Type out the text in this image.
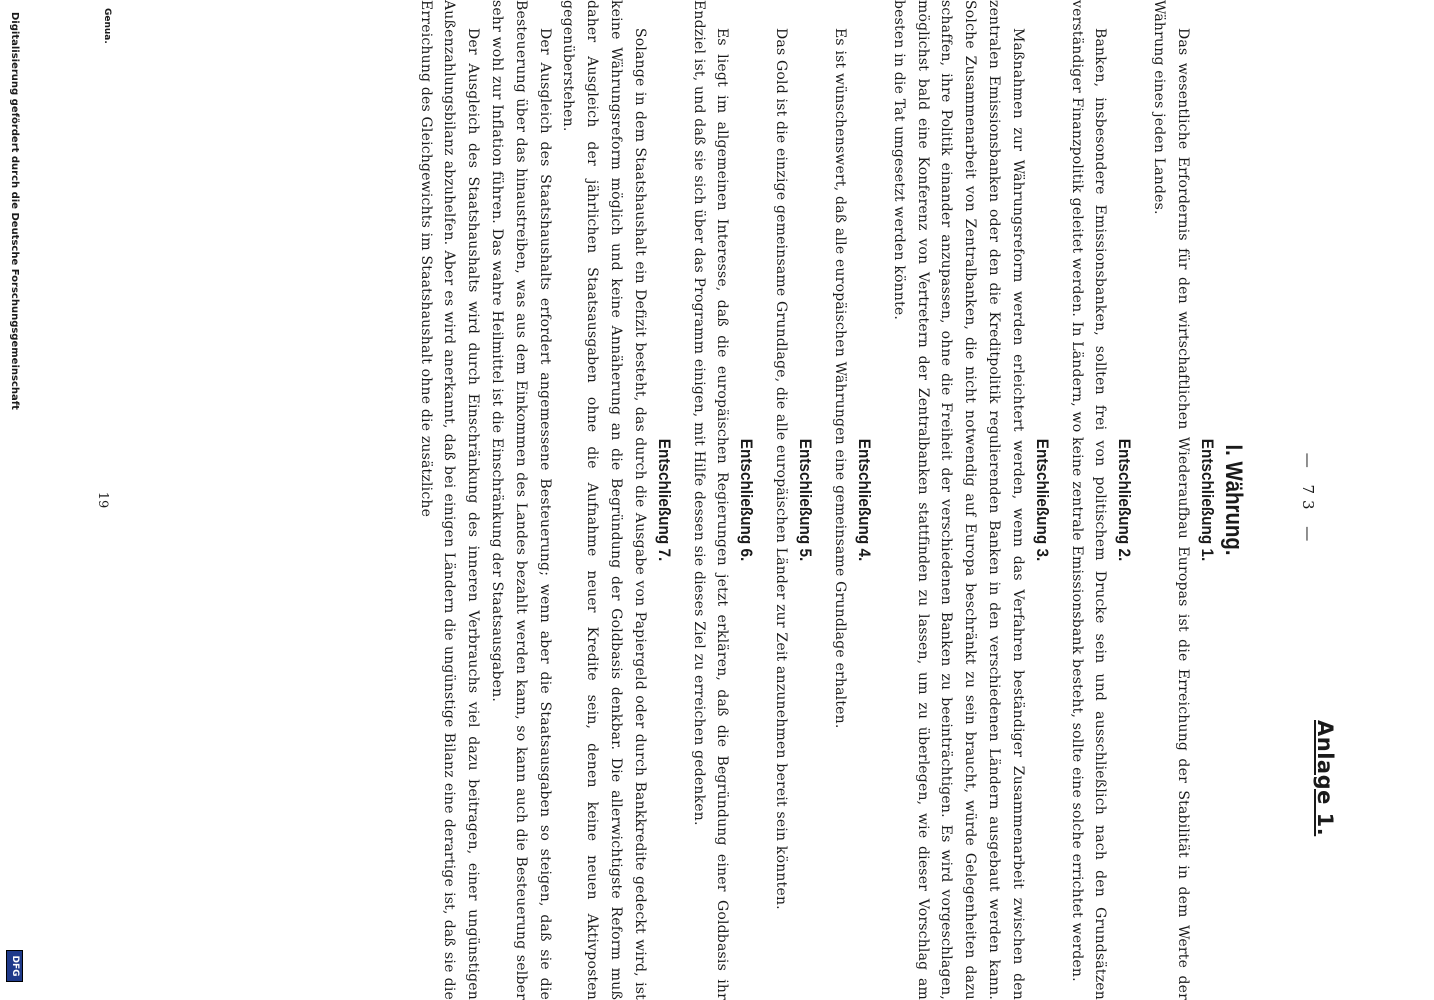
Anlage 1.
— 73 —
I. Währung.
Entschließung 1.

Das wesentliche Erfordernis für den wirtschaftlichen Wiederaufbau Europas ist die Erreichung der Stabilität in dem Werte der Währung eines jeden Landes.

Entschließung 2.

Banken, insbesondere Emissionsbanken, sollten frei von politischem Drucke sein und ausschließlich nach den Grundsätzen verständiger Finanzpolitik geleitet werden. In Ländern, wo keine zentrale Emissionsbank besteht, sollte eine solche errichtet werden.

Entschließung 3.

Maßnahmen zur Währungsreform werden erleichtert werden, wenn das Verfahren beständiger Zusammenarbeit zwischen den zentralen Emissionsbanken oder den die Kreditpolitik regulierenden Banken in den verschiedenen Ländern ausgebaut werden kann. Solche Zusammenarbeit von Zentralbanken, die nicht notwendig auf Europa beschränkt zu sein braucht, würde Gelegenheiten dazu schaffen, ihre Politik einander anzupassen, ohne die Freiheit der verschiedenen Banken zu beeinträchtigen. Es wird vorgeschlagen, möglichst bald eine Konferenz von Vertretern der Zentralbanken stattfinden zu lassen, um zu überlegen, wie dieser Vorschlag am besten in die Tat umgesetzt werden könnte.

Entschließung 4.

Es ist wünschenswert, daß alle europäischen Währungen eine gemeinsame Grundlage erhalten.

Entschließung 5.

Das Gold ist die einzige gemeinsame Grundlage, die alle europäischen Länder zur Zeit anzunehmen bereit sein könnten.

Entschließung 6.

Es liegt im allgemeinen Interesse, daß die europäischen Regierungen jetzt erklären, daß die Begründung einer Goldbasis ihr Endziel ist, und daß sie sich über das Programm einigen, mit Hilfe dessen sie dieses Ziel zu erreichen gedenken.

Entschließung 7.

Solange in dem Staatshaushalt ein Defizit besteht, das durch die Ausgabe von Papiergeld oder durch Bankkredite gedeckt wird, ist keine Währungsreform möglich und keine Annäherung an die Begründung der Goldbasis denkbar. Die allerwichtigste Reform muß daher Ausgleich der jährlichen Staatsausgaben ohne die Aufnahme neuer Kredite sein, denen keine neuen Aktivposten gegenüberstehen.

Der Ausgleich des Staatshaushalts erfordert angemessene Besteuerung; wenn aber die Staatsausgaben so steigen, daß sie die Besteuerung über das hinaustreiben, was aus dem Einkommen des Landes bezahlt werden kann, so kann auch die Besteuerung selber sehr wohl zur Inflation führen. Das wahre Heilmittel ist die Einschränkung der Staatsausgaben.

Der Ausgleich des Staatshaushalts wird durch Einschränkung des inneren Verbrauchs viel dazu beitragen, einer ungünstigen Außenzahlungsbilanz abzuhelfen. Aber es wird anerkannt, daß bei einigen Ländern die ungünstige Bilanz eine derartige ist, daß sie die Erreichung des Gleichgewichts im Staatshaushalt ohne die zusätzliche

Genua.
19
Digitalisierung gefördert durch die Deutsche Forschungsgemeinschaft
DFG
